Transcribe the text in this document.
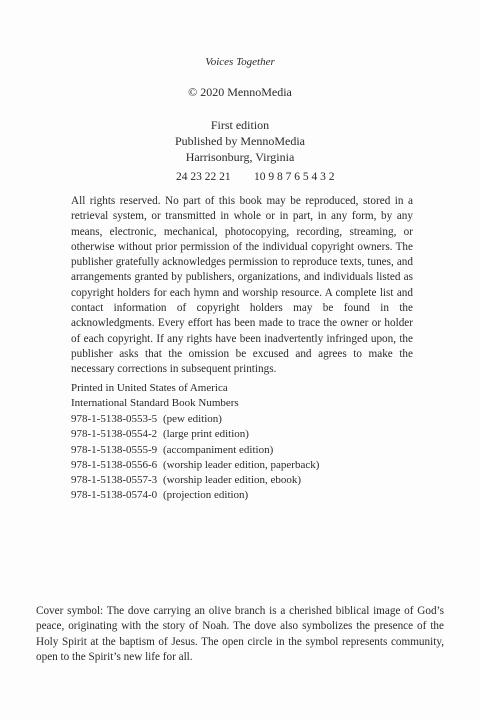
Voices Together
© 2020 MennoMedia
First edition
Published by MennoMedia
Harrisonburg, Virginia
24 23 22 21 10 9 8 7 6 5 4 3 2
All rights reserved. No part of this book may be reproduced, stored in a retrieval system, or transmitted in whole or in part, in any form, by any means, electronic, mechanical, photocopying, recording, streaming, or otherwise without prior permission of the individual copyright owners. The publisher gratefully acknowledges permission to reproduce texts, tunes, and arrangements granted by publishers, organizations, and individuals listed as copyright holders for each hymn and worship resource. A complete list and contact information of copyright holders may be found in the acknowledgments. Every effort has been made to trace the owner or holder of each copyright. If any rights have been inadvertently infringed upon, the publisher asks that the omission be excused and agrees to make the necessary corrections in subsequent printings.
Printed in United States of America
International Standard Book Numbers
978-1-5138-0553-5 (pew edition)
978-1-5138-0554-2 (large print edition)
978-1-5138-0555-9 (accompaniment edition)
978-1-5138-0556-6 (worship leader edition, paperback)
978-1-5138-0557-3 (worship leader edition, ebook)
978-1-5138-0574-0 (projection edition)
Cover symbol: The dove carrying an olive branch is a cherished biblical image of God’s peace, originating with the story of Noah. The dove also symbolizes the presence of the Holy Spirit at the baptism of Jesus. The open circle in the symbol represents community, open to the Spirit’s new life for all.
